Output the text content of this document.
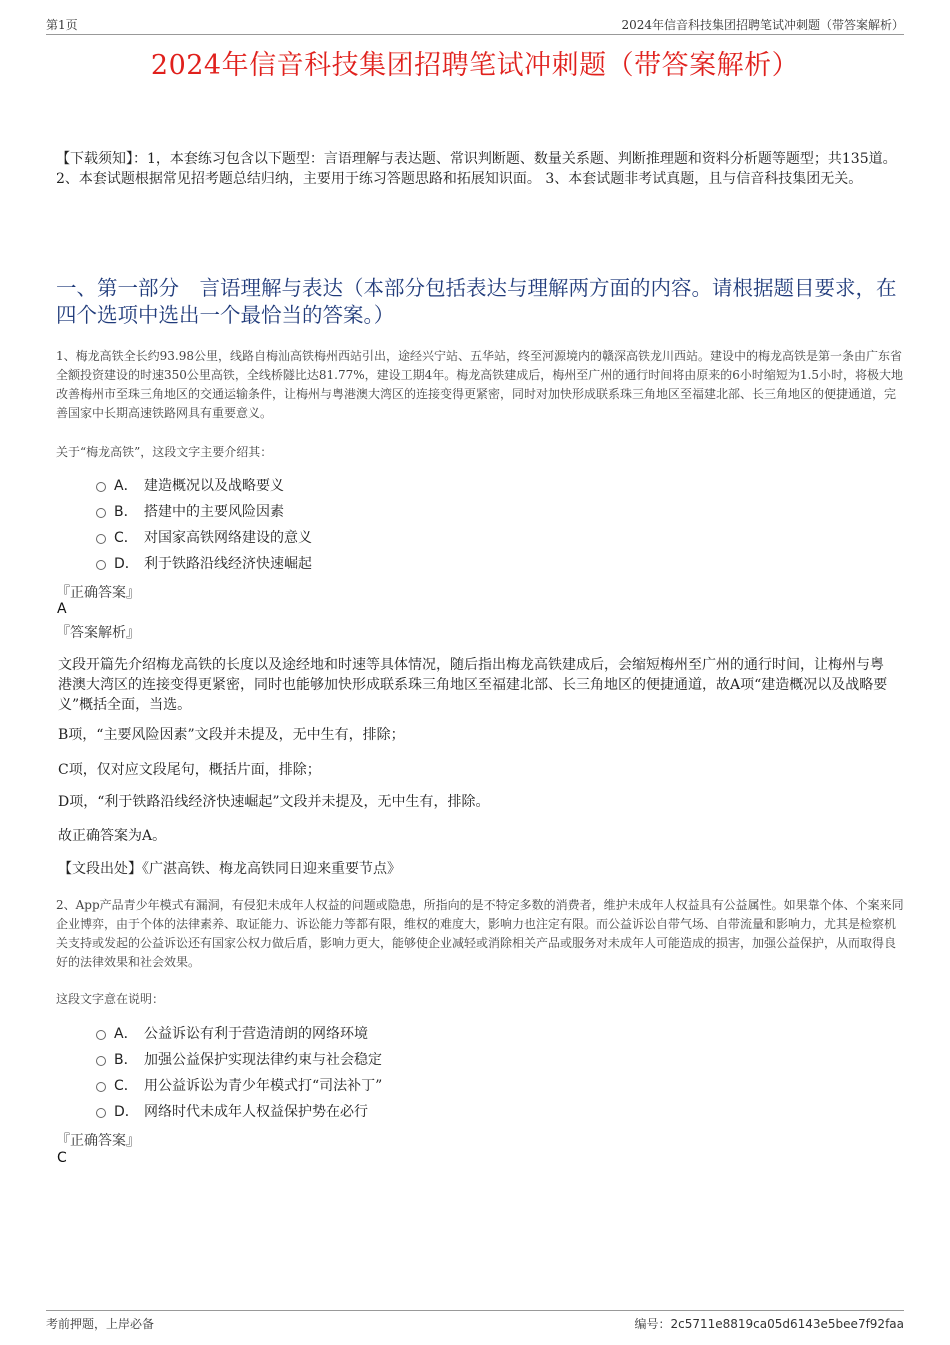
第1页	2024年信音科技集团招聘笔试冲刺题（带答案解析）
2024年信音科技集团招聘笔试冲刺题（带答案解析）
【下载须知】：1，本套练习包含以下题型：言语理解与表达题、常识判断题、数量关系题、判断推理题和资料分析题等题型；共135道。 2、本套试题根据常见招考题总结归纳，主要用于练习答题思路和拓展知识面。 3、本套试题非考试真题，且与信音科技集团无关。
一、第一部分　言语理解与表达（本部分包括表达与理解两方面的内容。请根据题目要求，在四个选项中选出一个最恰当的答案。）
1、梅龙高铁全长约93.98公里，线路自梅汕高铁梅州西站引出，途经兴宁站、五华站，终至河源境内的赣深高铁龙川西站。建设中的梅龙高铁是第一条由广东省全额投资建设的时速350公里高铁，全线桥隧比达81.77%，建设工期4年。梅龙高铁建成后，梅州至广州的通行时间将由原来的6小时缩短为1.5小时，将极大地改善梅州市至珠三角地区的交通运输条件，让梅州与粤港澳大湾区的连接变得更紧密，同时对加快形成联系珠三角地区至福建北部、长三角地区的便捷通道，完善国家中长期高速铁路网具有重要意义。
关于“梅龙高铁”，这段文字主要介绍其：
A． 建造概况以及战略要义
B． 搭建中的主要风险因素
C． 对国家高铁网络建设的意义
D． 利于铁路沿线经济快速崛起
『正确答案』
A
『答案解析』
文段开篇先介绍梅龙高铁的长度以及途经地和时速等具体情况，随后指出梅龙高铁建成后，会缩短梅州至广州的通行时间，让梅州与粤港澳大湾区的连接变得更紧密，同时也能够加快形成联系珠三角地区至福建北部、长三角地区的便捷通道，故A项“建造概况以及战略要义”概括全面，当选。
B项，“主要风险因素”文段并未提及，无中生有，排除；
C项，仅对应文段尾句，概括片面，排除；
D项，“利于铁路沿线经济快速崛起”文段并未提及，无中生有，排除。
故正确答案为A。
【文段出处】《广湛高铁、梅龙高铁同日迎来重要节点》
2、App产品青少年模式有漏洞，有侵犯未成年人权益的问题或隐患，所指向的是不特定多数的消费者，维护未成年人权益具有公益属性。如果靠个体、个案来同企业博弈，由于个体的法律素养、取证能力、诉讼能力等都有限，维权的难度大，影响力也注定有限。而公益诉讼自带气场、自带流量和影响力，尤其是检察机关支持或发起的公益诉讼还有国家公权力做后盾，影响力更大，能够使企业减轻或消除相关产品或服务对未成年人可能造成的损害，加强公益保护，从而取得良好的法律效果和社会效果。
这段文字意在说明：
A． 公益诉讼有利于营造清朗的网络环境
B． 加强公益保护实现法律约束与社会稳定
C． 用公益诉讼为青少年模式打“司法补丁”
D． 网络时代未成年人权益保护势在必行
『正确答案』
C
考前押题，上岸必备	编号：2c5711e8819ca05d6143e5bee7f92faa
